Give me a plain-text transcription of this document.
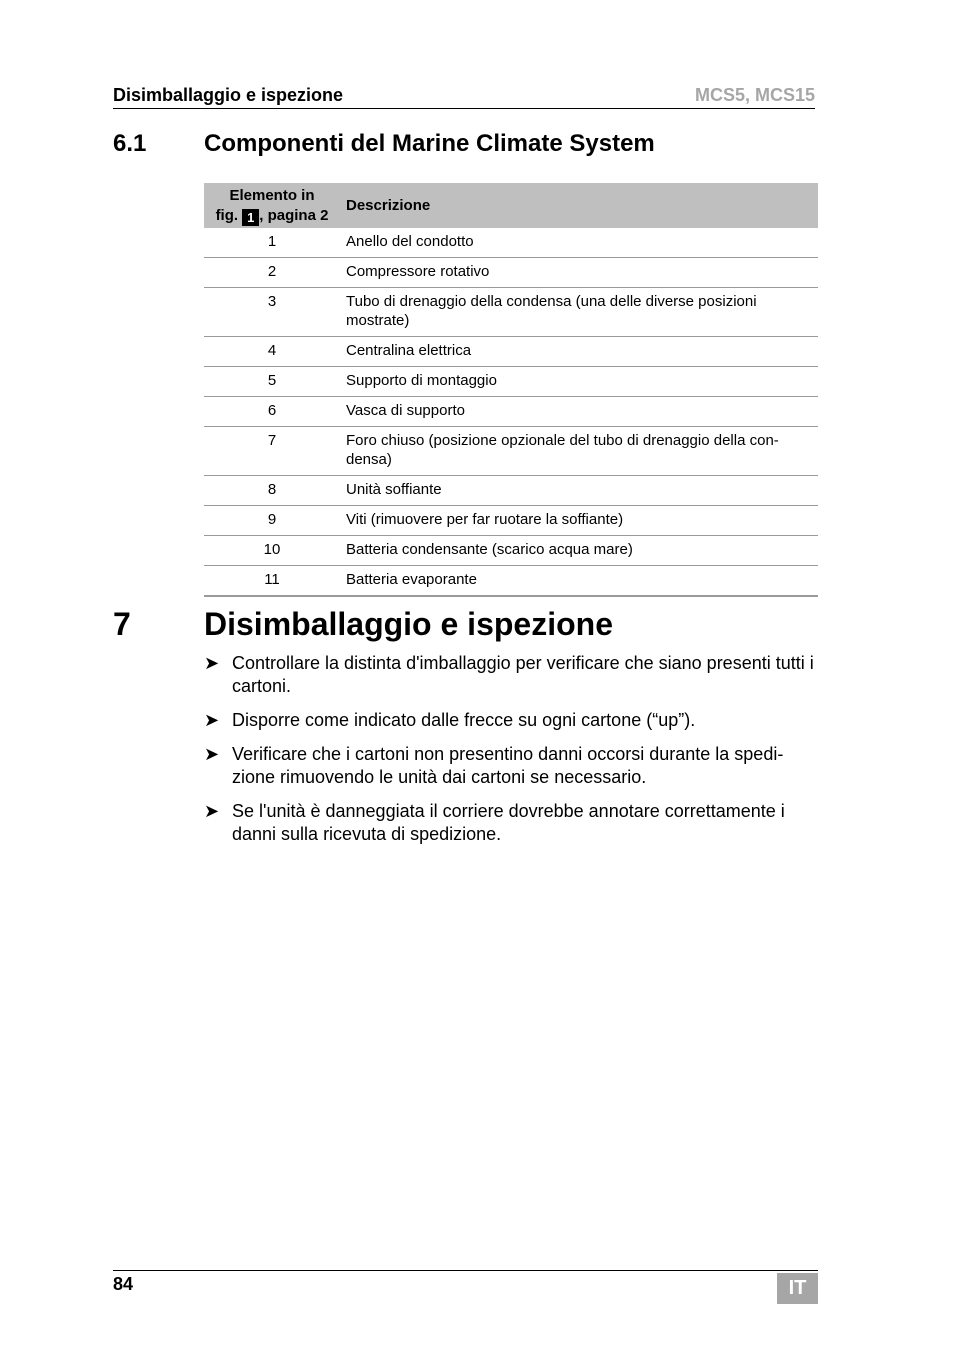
Disimballaggio e ispezione	MCS5, MCS15
6.1 Componenti del Marine Climate System
Elemento in
fig. 1 , pagina 2	Descrizione
1	Anello del condotto
2	Compressore rotativo
3	Tubo di drenaggio della condensa (una delle diverse posizioni mostrate)
4	Centralina elettrica
5	Supporto di montaggio
6	Vasca di supporto
7	Foro chiuso (posizione opzionale del tubo di drenaggio della con-densa)
8	Unità soffiante
9	Viti (rimuovere per far ruotare la soffiante)
10	Batteria condensante (scarico acqua mare)
11	Batteria evaporante
7 Disimballaggio e ispezione
➤ Controllare la distinta d'imballaggio per verificare che siano presenti tutti i cartoni.
➤ Disporre come indicato dalle frecce su ogni cartone (“up”).
➤ Verificare che i cartoni non presentino danni occorsi durante la spedi-zione rimuovendo le unità dai cartoni se necessario.
➤ Se l'unità è danneggiata il corriere dovrebbe annotare correttamente i danni sulla ricevuta di spedizione.
84	IT
